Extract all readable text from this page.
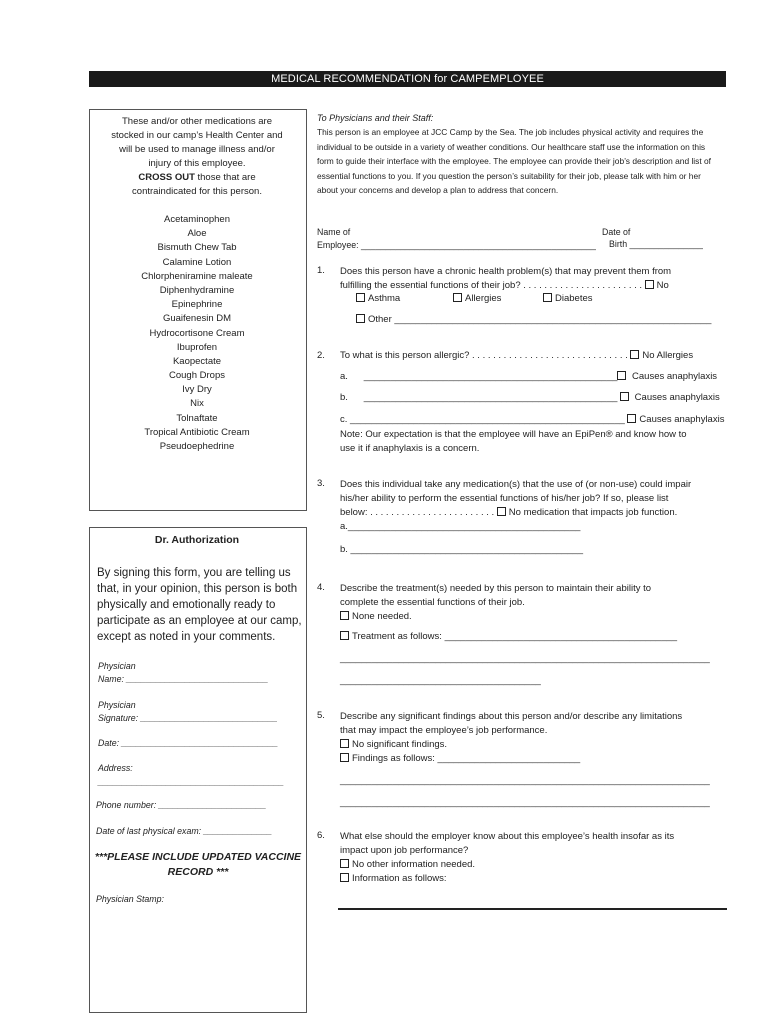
MEDICAL RECOMMENDATION for CAMPEMPLOYEE
These and/or other medications are
stocked in our camp’s Health Center and
will be used to manage illness and/or
injury of this employee.
CROSS OUT those that are
contraindicated for this person.
Acetaminophen
Aloe
Bismuth Chew Tab
Calamine Lotion
Chlorpheniramine maleate
Diphenhydramine
Epinephrine
Guaifenesin DM
Hydrocortisone Cream
Ibuprofen
Kaopectate
Cough Drops
Ivy Dry
Nix
Tolnaftate
Tropical Antibiotic Cream
Pseudoephedrine
Dr. Authorization
By signing this form, you are telling us that, in your opinion, this person is both physically and emotionally ready to participate as an employee at our camp, except as noted in your comments.
Physician
Name: _____________________________
Physician
Signature: ____________________________
Date: ________________________________
Address:
______________________________________
Phone number: ______________________
Date of last physical exam: ______________
***PLEASE INCLUDE UPDATED VACCINE RECORD ***
Physician Stamp:
To Physicians and their Staff:
This person is an employee at JCC Camp by the Sea. The job includes physical activity and requires the individual to be outside in a variety of weather conditions. Our healthcare staff use the information on this form to guide their interface with the employee. The employee can provide their job’s description and list of essential functions to you. If you question the person’s suitability for their job, please talk with him or her about your concerns and develop a plan to address that concern.
Name of
Employee: ________________________________________________
Date of
Birth _______________
1. Does this person have a chronic health problem(s) that may prevent them from
fulfilling the essential functions of their job? . . . . . . . . . . . . . . . . . . . . . . . No
Asthma	Allergies	Diabetes
Other ____________________________________________________________
2. To what is this person allergic? . . . . . . . . . . . . . . . . . . . . . . . . . . . . . . No Allergies
a. ________________________________________________ Causes anaphylaxis
b. ________________________________________________ Causes anaphylaxis
c. ____________________________________________________ Causes anaphylaxis
Note: Our expectation is that the employee will have an EpiPen® and know how to
use it if anaphylaxis is a concern.
3. Does this individual take any medication(s) that the use of (or non-use) could impair
his/her ability to perform the essential functions of his/her job? If so, please list
below: . . . . . . . . . . . . . . . . . . . . . . . . No medication that impacts job function.
a.____________________________________________
b. ____________________________________________
4. Describe the treatment(s) needed by this person to maintain their ability to
complete the essential functions of their job.
None needed.
Treatment as follows: ____________________________________________
______________________________________________________________________
______________________________________
5. Describe any significant findings about this person and/or describe any limitations
that may impact the employee’s job performance.
No significant findings.
Findings as follows: ___________________________
______________________________________________________________________
______________________________________________________________________
6. What else should the employer know about this employee’s health insofar as its
impact upon job performance?
No other information needed.
Information as follows:
